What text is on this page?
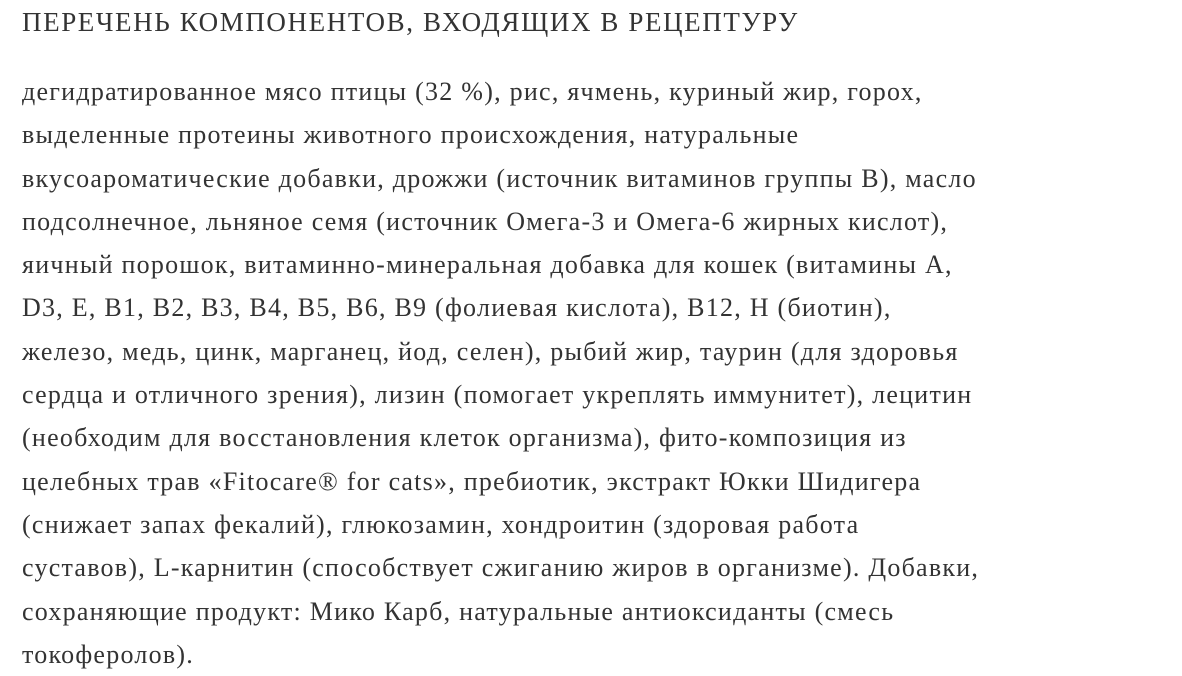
ПЕРЕЧЕНЬ КОМПОНЕНТОВ, ВХОДЯЩИХ В РЕЦЕПТУРУ
дегидратированное мясо птицы (32 %), рис, ячмень, куриный жир, горох,
выделенные протеины животного происхождения, натуральные
вкусоароматические добавки, дрожжи (источник витаминов группы В), масло
подсолнечное, льняное семя (источник Омега-3 и Омега-6 жирных кислот),
яичный порошок, витаминно-минеральная добавка для кошек (витамины А,
D3, Е, В1, В2, В3, В4, В5, В6, В9 (фолиевая кислота), В12, Н (биотин),
железо, медь, цинк, марганец, йод, селен), рыбий жир, таурин (для здоровья
сердца и отличного зрения), лизин (помогает укреплять иммунитет), лецитин
(необходим для восстановления клеток организма), фито-композиция из
целебных трав «Fitocare® for cats», пребиотик, экстракт Юкки Шидигера
(снижает запах фекалий), глюкозамин, хондроитин (здоровая работа
суставов), L-карнитин (способствует сжиганию жиров в организме). Добавки,
сохраняющие продукт: Мико Карб, натуральные антиоксиданты (смесь
токоферолов).
